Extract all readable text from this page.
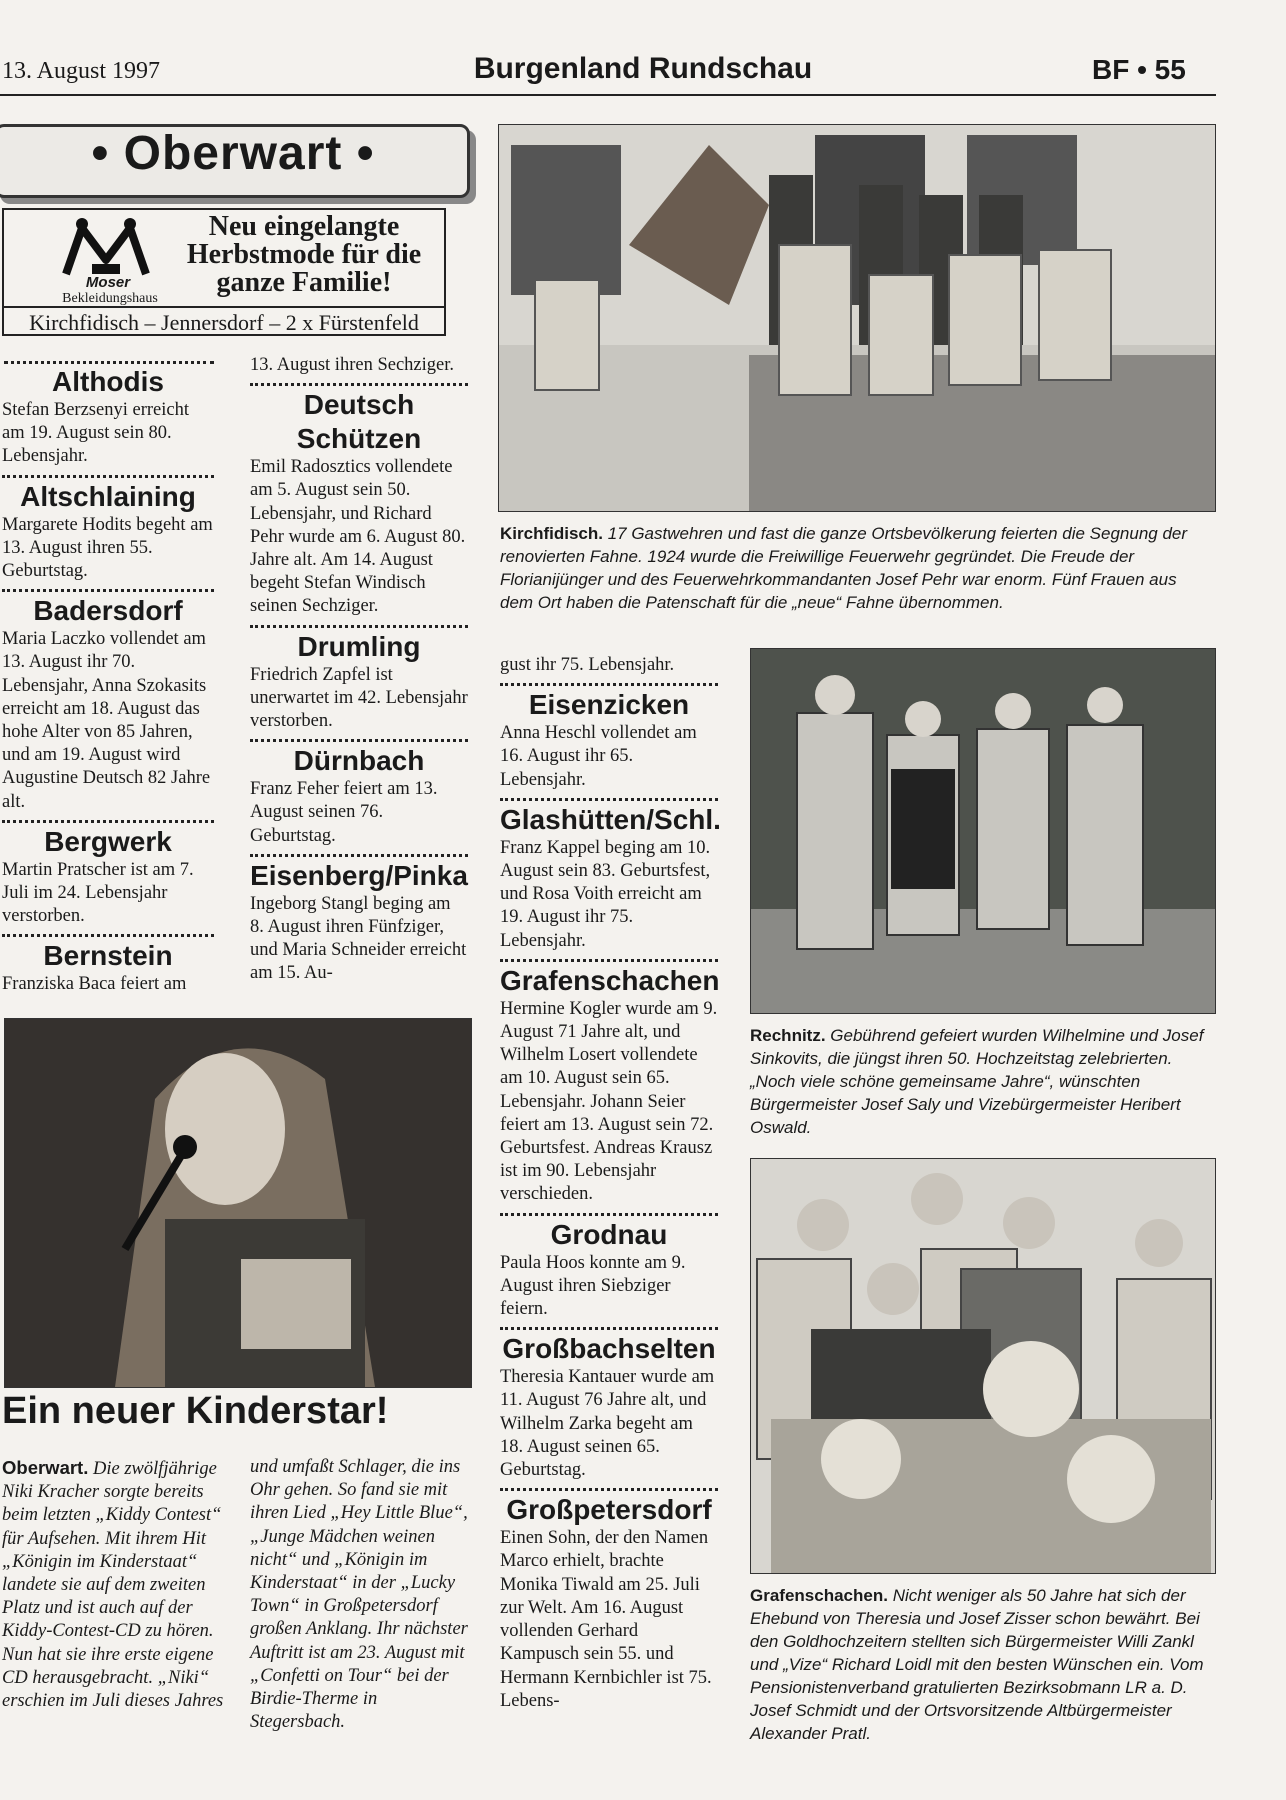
13. August 1997	Burgenland Rundschau	BF • 55
• Oberwart •
Moser
Bekleidungshaus
Neu eingelangte Herbstmode für die ganze Familie!
Kirchfidisch – Jennersdorf – 2 x Fürstenfeld
Althodis

Stefan Berzsenyi erreicht am 19. August sein 80. Lebensjahr.

Altschlaining

Margarete Hodits begeht am 13. August ihren 55. Geburtstag.

Badersdorf

Maria Laczko vollendet am 13. August ihr 70. Lebensjahr, Anna Szokasits erreicht am 18. August das hohe Alter von 85 Jahren, und am 19. August wird Augustine Deutsch 82 Jahre alt.

Bergwerk

Martin Pratscher ist am 7. Juli im 24. Lebensjahr verstorben.

Bernstein

Franziska Baca feiert am

13. August ihren Sechziger.

Deutsch Schützen

Emil Radosztics vollendete am 5. August sein 50. Lebensjahr, und Richard Pehr wurde am 6. August 80. Jahre alt. Am 14. August begeht Stefan Windisch seinen Sechziger.

Drumling

Friedrich Zapfel ist unerwartet im 42. Lebensjahr verstorben.

Dürnbach

Franz Feher feiert am 13. August seinen 76. Geburtstag.

Eisenberg/Pinka

Ingeborg Stangl beging am 8. August ihren Fünfziger, und Maria Schneider erreicht am 15. Au-

Kirchfidisch. 17 Gastwehren und fast die ganze Ortsbevölkerung feierten die Segnung der renovierten Fahne. 1924 wurde die Freiwillige Feuerwehr gegründet. Die Freude der Florianijünger und des Feuerwehrkommandanten Josef Pehr war enorm. Fünf Frauen aus dem Ort haben die Patenschaft für die „neue“ Fahne übernommen.

gust ihr 75. Lebensjahr.

Eisenzicken

Anna Heschl vollendet am 16. August ihr 65. Lebensjahr.

Glashütten/Schl.

Franz Kappel beging am 10. August sein 83. Geburtsfest, und Rosa Voith erreicht am 19. August ihr 75. Lebensjahr.

Grafenschachen

Hermine Kogler wurde am 9. August 71 Jahre alt, und Wilhelm Losert vollendete am 10. August sein 65. Lebensjahr. Johann Seier feiert am 13. August sein 72. Geburtsfest. Andreas Krausz ist im 90. Lebensjahr verschieden.

Grodnau

Paula Hoos konnte am 9. August ihren Siebziger feiern.

Großbachselten

Theresia Kantauer wurde am 11. August 76 Jahre alt, und Wilhelm Zarka begeht am 18. August seinen 65. Geburtstag.

Großpetersdorf

Einen Sohn, der den Namen Marco erhielt, brachte Monika Tiwald am 25. Juli zur Welt. Am 16. August vollenden Gerhard Kampusch sein 55. und Hermann Kernbichler ist 75. Lebens-

Rechnitz. Gebührend gefeiert wurden Wilhelmine und Josef Sinkovits, die jüngst ihren 50. Hochzeitstag zelebrierten. „Noch viele schöne gemeinsame Jahre“, wünschten Bürgermeister Josef Saly und Vizebürgermeister Heribert Oswald.
Grafenschachen. Nicht weniger als 50 Jahre hat sich der Ehebund von Theresia und Josef Zisser schon bewährt. Bei den Goldhochzeitern stellten sich Bürgermeister Willi Zankl und „Vize“ Richard Loidl mit den besten Wünschen ein. Vom Pensionistenverband gratulierten Bezirksobmann LR a. D. Josef Schmidt und der Ortsvorsitzende Altbürgermeister Alexander Pratl.
Ein neuer Kinderstar!
Oberwart. Die zwölfjährige Niki Kracher sorgte bereits beim letzten „Kiddy Contest“ für Aufsehen. Mit ihrem Hit „Königin im Kinderstaat“ landete sie auf dem zweiten Platz und ist auch auf der Kiddy-Contest-CD zu hören. Nun hat sie ihre erste eigene CD herausgebracht. „Niki“ erschien im Juli dieses Jahres
und umfaßt Schlager, die ins Ohr gehen. So fand sie mit ihren Lied „Hey Little Blue“, „Junge Mädchen weinen nicht“ und „Königin im Kinderstaat“ in der „Lucky Town“ in Großpetersdorf großen Anklang. Ihr nächster Auftritt ist am 23. August mit „Confetti on Tour“ bei der Birdie-Therme in Stegersbach.
